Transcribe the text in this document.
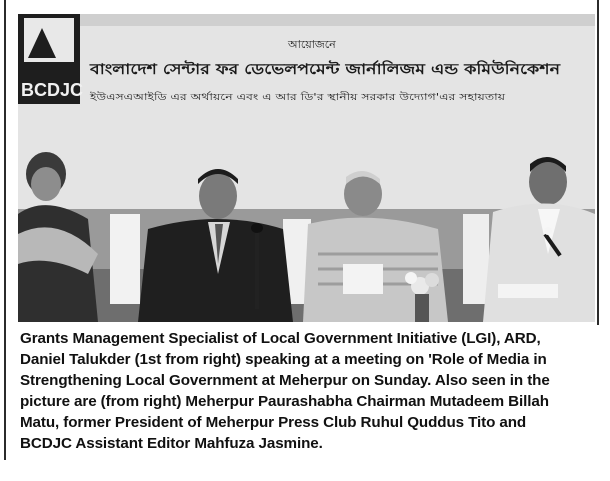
BCDJC
আয়োজনে
বাংলাদেশ সেন্টার ফর ডেভেলপমেন্ট জার্নালিজম এন্ড কমিউনিকেশন
ইউএসএআইডি এর অর্থায়নে এবং এ আর ডি'র স্থানীয় সরকার উদ্যোগ'এর সহায়তায়
Grants Management Specialist of Local Government Initiative (LGI), ARD,
Daniel Talukder (1st from right) speaking at a meeting on 'Role of Media in
Strengthening Local Government at Meherpur on Sunday. Also seen in the
picture are (from right) Meherpur Paurashabha Chairman Mutadeem Billah
Matu, former President of Meherpur Press Club Ruhul Quddus Tito and
BCDJC Assistant Editor Mahfuza Jasmine.
